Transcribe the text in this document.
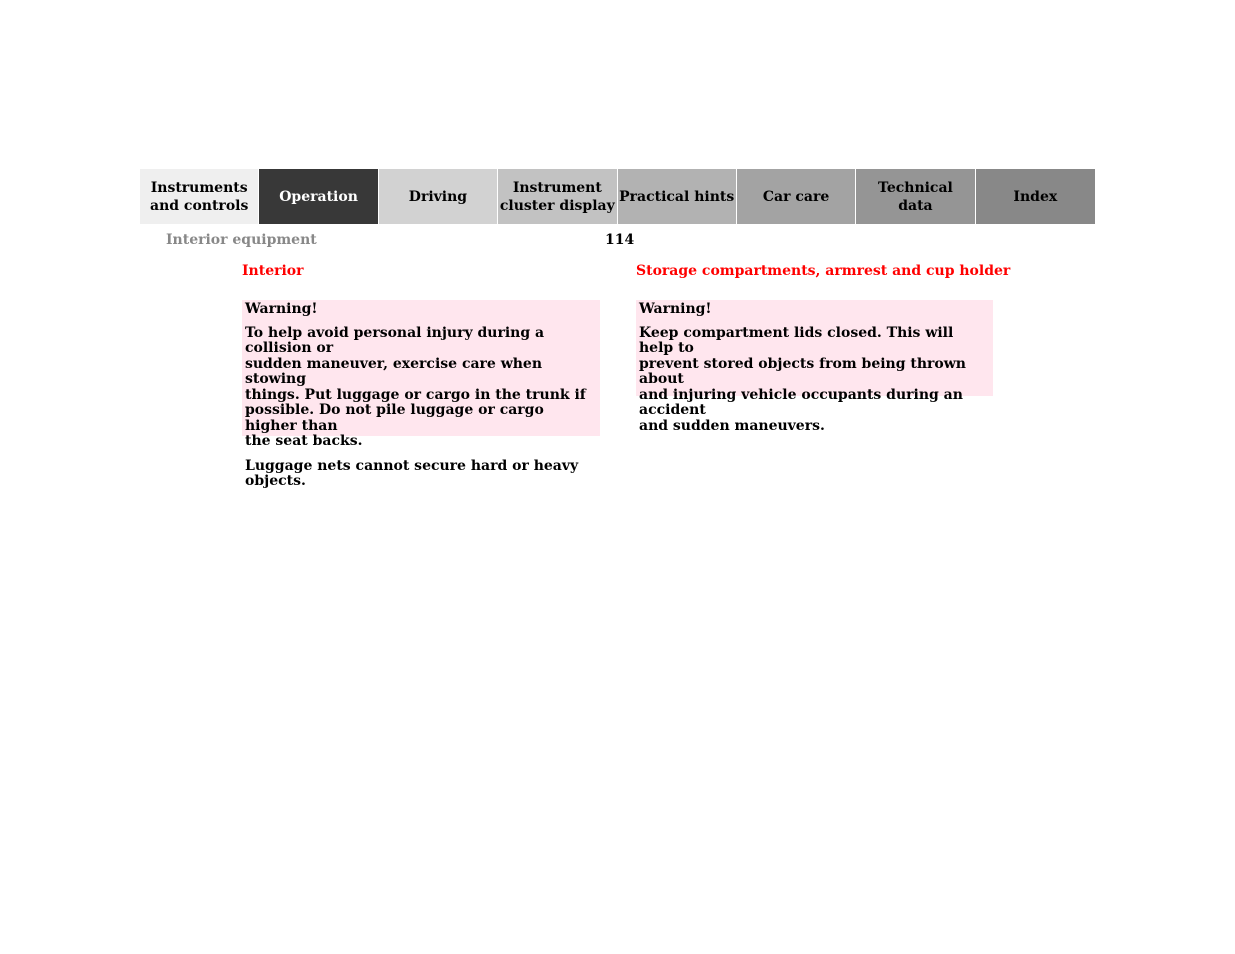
Instruments
and controls
Operation	Driving
Instrument
cluster display
Practical hints	Car care
Technical
data
Index
Interior equipment	114
Interior
Warning!
To help avoid personal injury during a collision or
sudden maneuver, exercise care when stowing
things. Put luggage or cargo in the trunk if
possible. Do not pile luggage or cargo higher than
the seat backs.
Luggage nets cannot secure hard or heavy objects.
Storage compartments, armrest and cup holder
Warning!
Keep compartment lids closed. This will help to
prevent stored objects from being thrown about
and injuring vehicle occupants during an accident
and sudden maneuvers.
